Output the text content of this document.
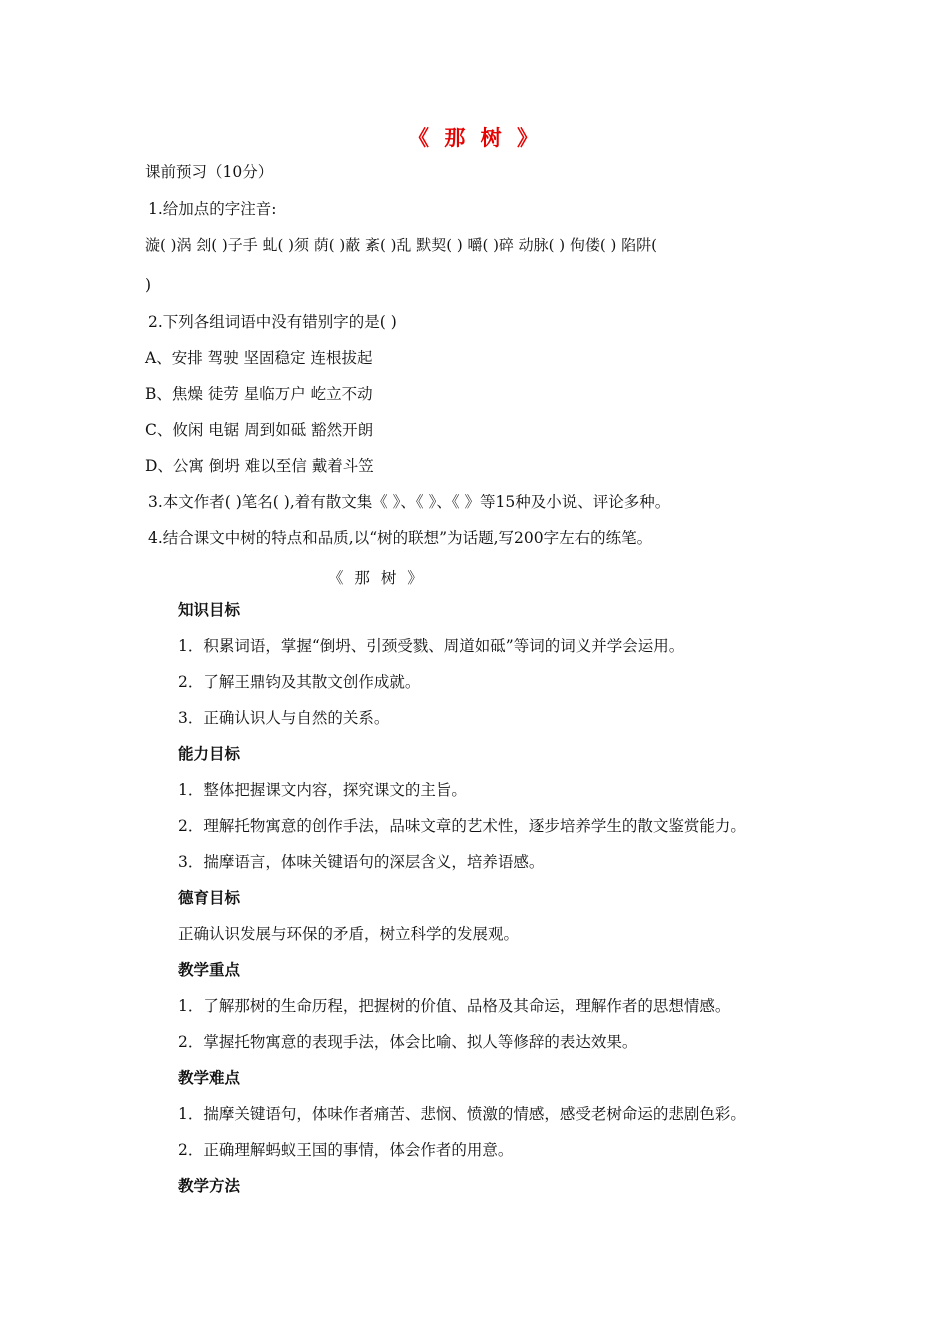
《 那 树 》
课前预习（10分）
1.给加点的字注音:
漩( )涡 刽( )子手 虬( )须 荫( )蔽 紊( )乱 默契( ) 嚼( )碎 动脉( ) 佝偻( ) 陷阱(
)
2.下列各组词语中没有错别字的是( )
A、安排 驾驶 坚固稳定 连根拔起
B、焦燥 徒劳 星临万户 屹立不动
C、攸闲 电锯 周到如砥 豁然开朗
D、公寓 倒坍 难以至信 戴着斗笠
3.本文作者( )笔名( ),着有散文集《 》、《 》、《 》等15种及小说、评论多种。
4.结合课文中树的特点和品质,以“树的联想”为话题,写200字左右的练笔。
《 那 树 》
知识目标
1．积累词语，掌握“倒坍、引颈受戮、周道如砥”等词的词义并学会运用。
2．了解王鼎钧及其散文创作成就。
3．正确认识人与自然的关系。
能力目标
1．整体把握课文内容，探究课文的主旨。
2．理解托物寓意的创作手法，品味文章的艺术性，逐步培养学生的散文鉴赏能力。
3．揣摩语言，体味关键语句的深层含义，培养语感。
德育目标
正确认识发展与环保的矛盾，树立科学的发展观。
教学重点
1．了解那树的生命历程，把握树的价值、品格及其命运，理解作者的思想情感。
2．掌握托物寓意的表现手法，体会比喻、拟人等修辞的表达效果。
教学难点
1．揣摩关键语句，体味作者痛苦、悲悯、愤激的情感，感受老树命运的悲剧色彩。
2．正确理解蚂蚁王国的事情，体会作者的用意。
教学方法
